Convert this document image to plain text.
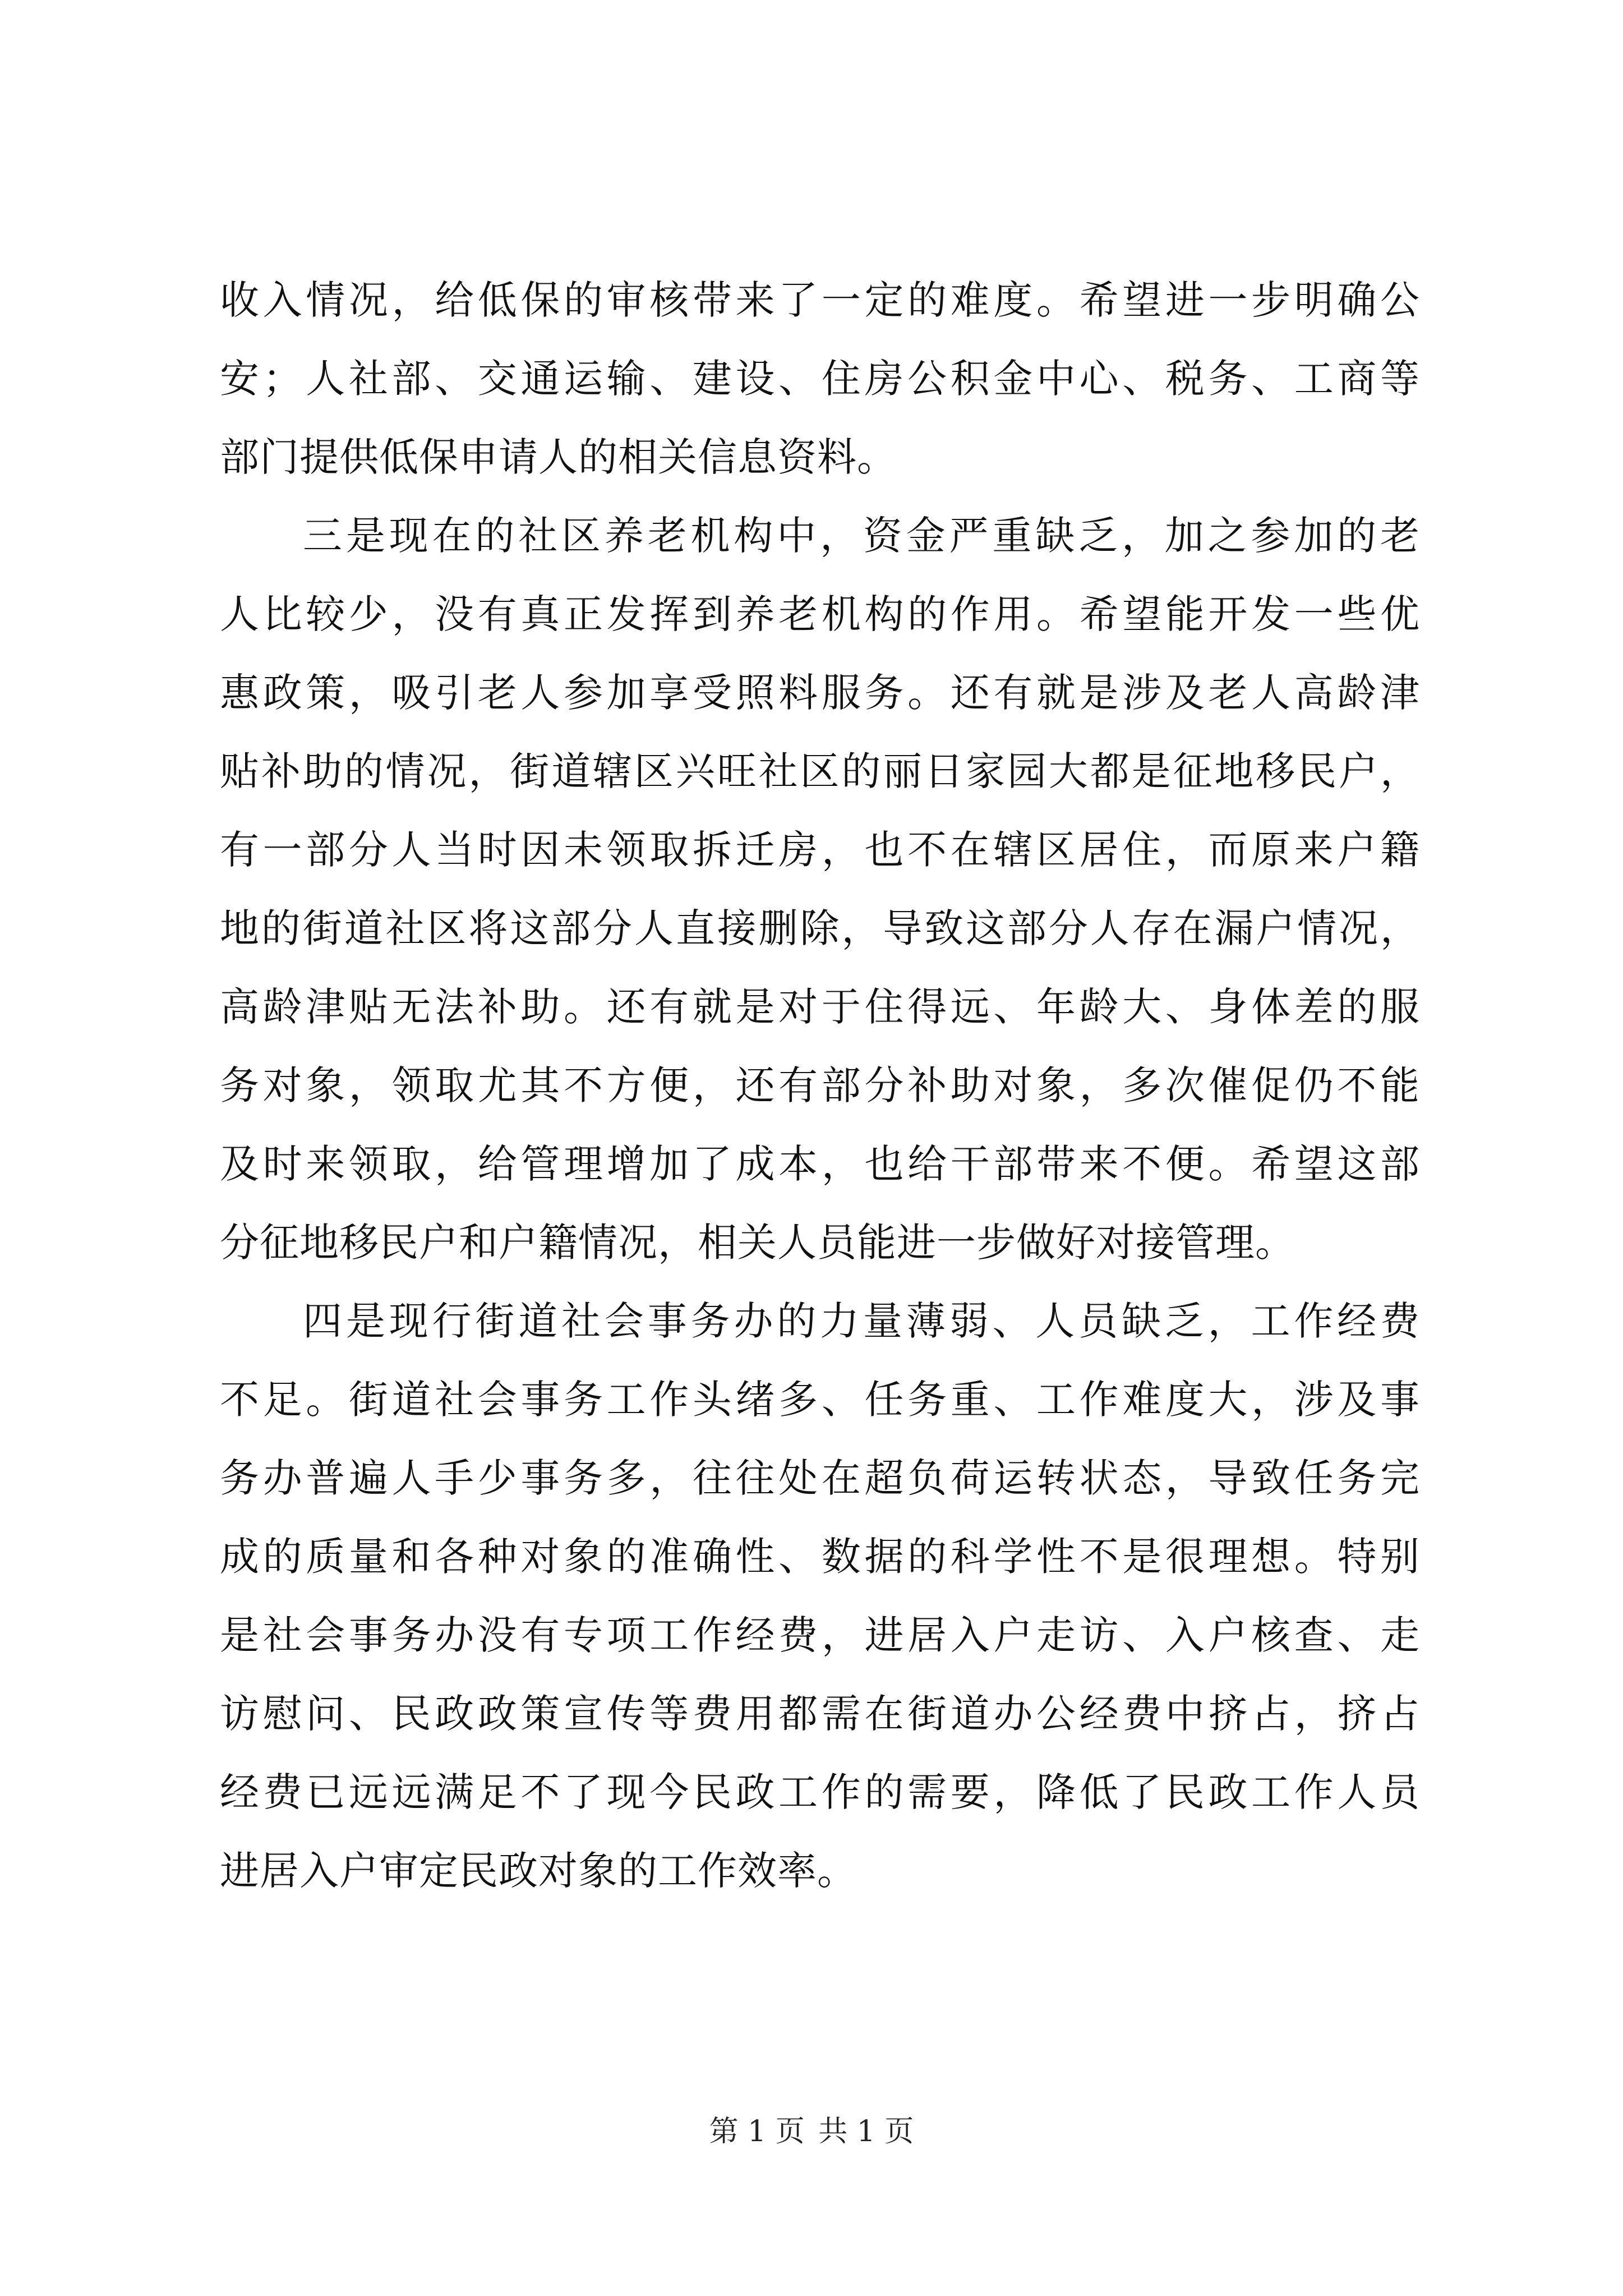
收入情况，给低保的审核带来了一定的难度。希望进一步明确公
安；人社部、交通运输、建设、住房公积金中心、税务、工商等
部门提供低保申请人的相关信息资料。
三是现在的社区养老机构中，资金严重缺乏，加之参加的老
人比较少，没有真正发挥到养老机构的作用。希望能开发一些优
惠政策，吸引老人参加享受照料服务。还有就是涉及老人高龄津
贴补助的情况，街道辖区兴旺社区的丽日家园大都是征地移民户，
有一部分人当时因未领取拆迁房，也不在辖区居住，而原来户籍
地的街道社区将这部分人直接删除，导致这部分人存在漏户情况，
高龄津贴无法补助。还有就是对于住得远、年龄大、身体差的服
务对象，领取尤其不方便，还有部分补助对象，多次催促仍不能
及时来领取，给管理增加了成本，也给干部带来不便。希望这部
分征地移民户和户籍情况，相关人员能进一步做好对接管理。
四是现行街道社会事务办的力量薄弱、人员缺乏，工作经费
不足。街道社会事务工作头绪多、任务重、工作难度大，涉及事
务办普遍人手少事务多，往往处在超负荷运转状态，导致任务完
成的质量和各种对象的准确性、数据的科学性不是很理想。特别
是社会事务办没有专项工作经费，进居入户走访、入户核查、走
访慰问、民政政策宣传等费用都需在街道办公经费中挤占，挤占
经费已远远满足不了现今民政工作的需要，降低了民政工作人员
进居入户审定民政对象的工作效率。
第 1 页 共 1 页
